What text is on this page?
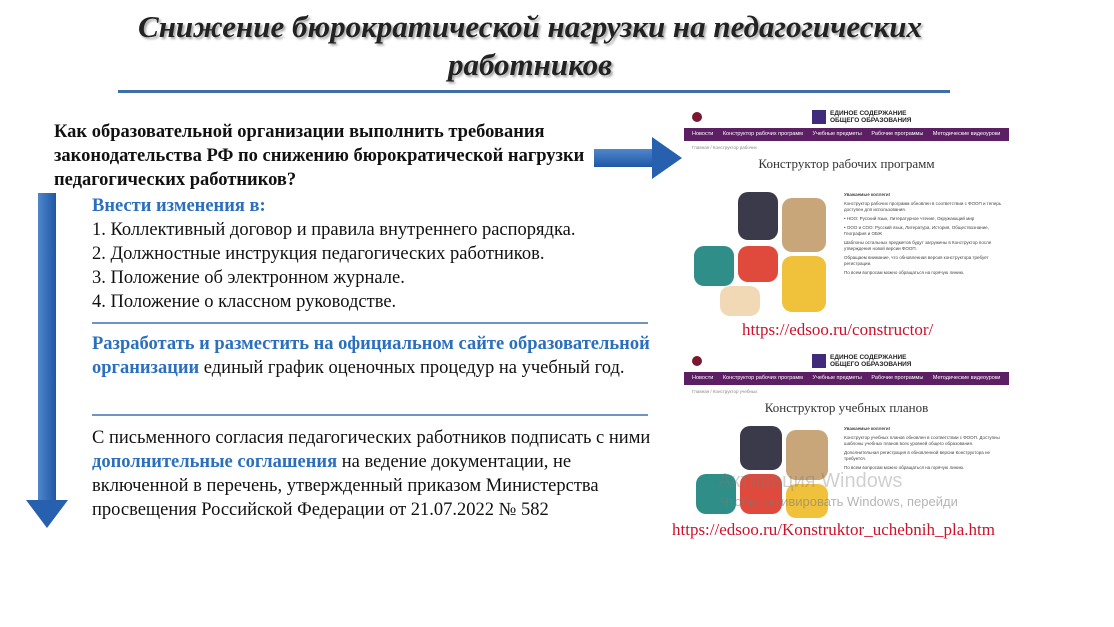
Снижение бюрократической нагрузки на педагогических
работников
Как образовательной организации выполнить требования законодательства РФ по снижению бюрократической нагрузки педагогических работников?
Внести изменения в:
1. Коллективный договор и правила внутреннего распорядка.
2. Должностные инструкция педагогических работников.
3. Положение об электронном журнале.
4. Положение о классном руководстве.
Разработать и разместить на официальном сайте образовательной организации единый график оценочных процедур на учебный год.
С письменного согласия педагогических работников подписать с ними дополнительные соглашения на ведение документации, не включенной в перечень, утвержденный приказом Министерства просвещения Российской Федерации от 21.07.2022 № 582
ЕДИНОЕ СОДЕРЖАНИЕ
ОБЩЕГО ОБРАЗОВАНИЯ
Новости Конструктор рабочих программ Учебные предметы Рабочие программы Методические видеоуроки
Главная / Конструктор рабочих
Конструктор рабочих программ

Уважаемые коллеги!

Конструктор рабочих программ обновлен в соответствии с ФООП и теперь доступен для использования.

• НОО: Русский язык, Литературное чтение, Окружающий мир

• ООО и СОО: Русский язык, Литература, История, Обществознание, География и ОБЖ

Шаблоны остальных предметов будут загружены в Конструктор после утверждения новой версии ФООП.

Обращаем внимание, что обновленная версия конструктора требует регистрации.

По всем вопросам можно обращаться на горячую линию.

https://edsoo.ru/constructor/
ЕДИНОЕ СОДЕРЖАНИЕ
ОБЩЕГО ОБРАЗОВАНИЯ
Новости Конструктор рабочих программ Учебные предметы Рабочие программы Методические видеоуроки
Главная / Конструктор учебных
Конструктор учебных планов

Уважаемые коллеги!

Конструктор учебных планов обновлен в соответствии с ФООП. Доступны шаблоны учебных планов всех уровней общего образования.

Дополнительная регистрация в обновленной версии Конструктора не требуется.

По всем вопросам можно обращаться на горячую линию.

Активация Windows
Чтобы активировать Windows, перейди
https://edsoo.ru/Konstruktor_uchebnih_pla.htm
